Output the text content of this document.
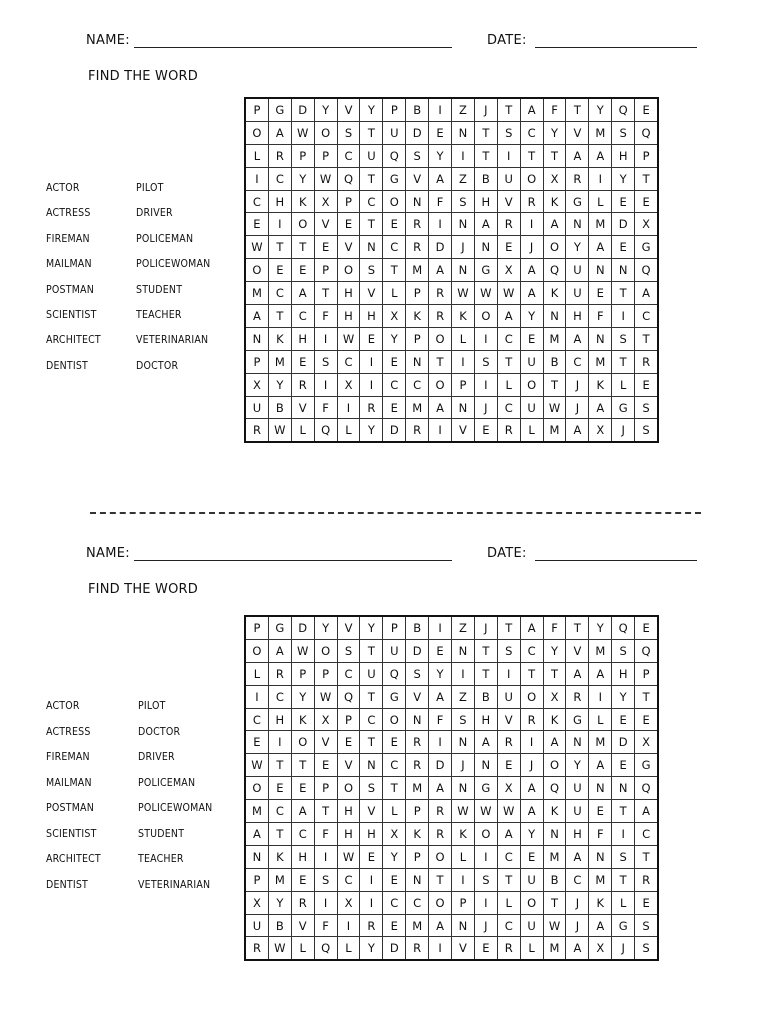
NAME:	DATE:
FIND THE WORD
ACTOR
ACTRESS
FIREMAN
MAILMAN
POSTMAN
SCIENTIST
ARCHITECT
DENTIST
PILOT
DRIVER
POLICEMAN
POLICEWOMAN
STUDENT
TEACHER
VETERINARIAN
DOCTOR
P	G	D	Y	V	Y	P	B	I	Z	J	T	A	F	T	Y	Q	E
O	A	W	O	S	T	U	D	E	N	T	S	C	Y	V	M	S	Q
L	R	P	P	C	U	Q	S	Y	I	T	I	T	T	A	A	H	P
I	C	Y	W	Q	T	G	V	A	Z	B	U	O	X	R	I	Y	T
C	H	K	X	P	C	O	N	F	S	H	V	R	K	G	L	E	E
E	I	O	V	E	T	E	R	I	N	A	R	I	A	N	M	D	X
W	T	T	E	V	N	C	R	D	J	N	E	J	O	Y	A	E	G
O	E	E	P	O	S	T	M	A	N	G	X	A	Q	U	N	N	Q
M	C	A	T	H	V	L	P	R	W	W	W	A	K	U	E	T	A
A	T	C	F	H	H	X	K	R	K	O	A	Y	N	H	F	I	C
N	K	H	I	W	E	Y	P	O	L	I	C	E	M	A	N	S	T
P	M	E	S	C	I	E	N	T	I	S	T	U	B	C	M	T	R
X	Y	R	I	X	I	C	C	O	P	I	L	O	T	J	K	L	E
U	B	V	F	I	R	E	M	A	N	J	C	U	W	J	A	G	S
R	W	L	Q	L	Y	D	R	I	V	E	R	L	M	A	X	J	S
NAME:	DATE:
FIND THE WORD
ACTOR
ACTRESS
FIREMAN
MAILMAN
POSTMAN
SCIENTIST
ARCHITECT
DENTIST
PILOT
DOCTOR
DRIVER
POLICEMAN
POLICEWOMAN
STUDENT
TEACHER
VETERINARIAN
P	G	D	Y	V	Y	P	B	I	Z	J	T	A	F	T	Y	Q	E
O	A	W	O	S	T	U	D	E	N	T	S	C	Y	V	M	S	Q
L	R	P	P	C	U	Q	S	Y	I	T	I	T	T	A	A	H	P
I	C	Y	W	Q	T	G	V	A	Z	B	U	O	X	R	I	Y	T
C	H	K	X	P	C	O	N	F	S	H	V	R	K	G	L	E	E
E	I	O	V	E	T	E	R	I	N	A	R	I	A	N	M	D	X
W	T	T	E	V	N	C	R	D	J	N	E	J	O	Y	A	E	G
O	E	E	P	O	S	T	M	A	N	G	X	A	Q	U	N	N	Q
M	C	A	T	H	V	L	P	R	W	W	W	A	K	U	E	T	A
A	T	C	F	H	H	X	K	R	K	O	A	Y	N	H	F	I	C
N	K	H	I	W	E	Y	P	O	L	I	C	E	M	A	N	S	T
P	M	E	S	C	I	E	N	T	I	S	T	U	B	C	M	T	R
X	Y	R	I	X	I	C	C	O	P	I	L	O	T	J	K	L	E
U	B	V	F	I	R	E	M	A	N	J	C	U	W	J	A	G	S
R	W	L	Q	L	Y	D	R	I	V	E	R	L	M	A	X	J	S
